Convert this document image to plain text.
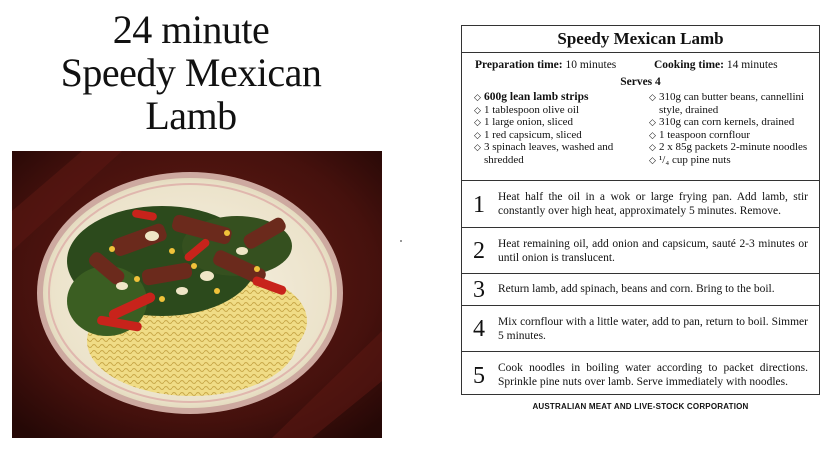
24 minute
Speedy Mexican
Lamb
Speedy Mexican Lamb
Preparation time: 10 minutes	Cooking time: 14 minutes
Serves 4
◇ 600g lean lamb strips
◇ 1 tablespoon olive oil
◇ 1 large onion, sliced
◇ 1 red capsicum, sliced
◇ 3 spinach leaves, washed and shredded
◇ 310g can butter beans, cannellini style, drained
◇ 310g can corn kernels, drained
◇ 1 teaspoon cornflour
◇ 2 x 85g packets 2-minute noodles
◇ ¹/₄ cup pine nuts
1 Heat half the oil in a wok or large frying pan. Add lamb, stir constantly over high heat, approximately 5 minutes. Remove.
2 Heat remaining oil, add onion and capsicum, sauté 2-3 minutes or until onion is translucent.
3 Return lamb, add spinach, beans and corn. Bring to the boil.
4 Mix cornflour with a little water, add to pan, return to boil. Simmer 5 minutes.
5 Cook noodles in boiling water according to packet directions. Sprinkle pine nuts over lamb. Serve immediately with noodles.
AUSTRALIAN MEAT AND LIVE-STOCK CORPORATION
